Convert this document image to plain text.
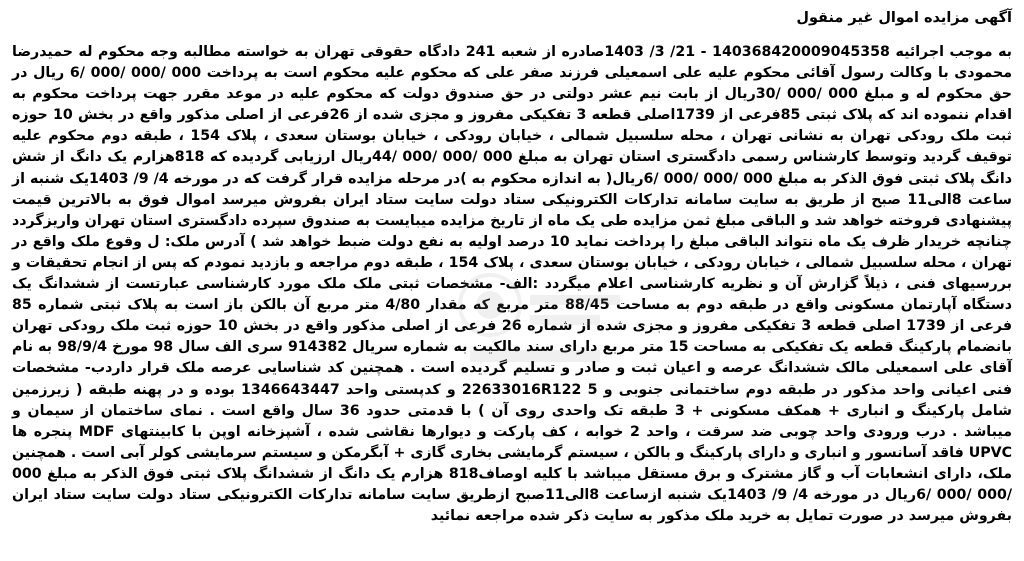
آگهی مزایده اموال غیر منقول

به موجب اجرائیه 140368420009045358 - 21/ 3/ 1403صادره از شعبه 241 دادگاه حقوقی تهران به خواسته مطالبه وجه محکوم له حمیدرضا محمودی با وکالت رسول آقائی محکوم علیه علی اسمعیلی فرزند صفر علی که محکوم علیه محکوم است به پرداخت 000 /000 /000 /6 ریال در حق محکوم له و مبلغ 000 /000 /30ریال از بابت نیم عشر دولتی در حق صندوق دولت که محکوم علیه در موعد مقرر جهت پرداخت محکوم به اقدام ننموده اند که پلاک ثبتی 85فرعی از 1739اصلی قطعه 3 تفکیکی مفروز و مجزی شده از 26فرعی از اصلی مذکور واقع در بخش 10 حوزه ثبت ملک رودکی تهران به نشانی تهران ، محله سلسبیل شمالی ، خیابان رودکی ، خیابان بوستان سعدی ، پلاک 154 ، طبقه دوم محکوم علیه توقیف گردید وتوسط کارشناس رسمی دادگستری استان تهران به مبلغ 000 /000 /000 /44ریال ارزیابی گردیده که 818هزارم یک دانگ از شش دانگ پلاک ثبتی فوق الذکر به مبلغ 000 /000 /000 /6ریال( به اندازه محکوم به )در مرحله مزایده قرار گرفت که در مورخه 4/ 9/ 1403یک شنبه از ساعت 8الی11 صبح از طریق به سایت سامانه تدارکات الکترونیکی ستاد دولت سایت ستاد ایران بفروش میرسد اموال فوق به بالاترین قیمت پیشنهادی فروخته خواهد شد و الباقی مبلغ ثمن مزایده طی یک ماه از تاریخ مزایده میبایست به صندوق سپرده دادگستری استان تهران واریزگردد چنانچه خریدار ظرف یک ماه نتواند الباقی مبلغ را پرداخت نماید 10 درصد اولیه به نفع دولت ضبط خواهد شد ) آدرس ملک: ل وقوع ملک واقع در تهران ، محله سلسبیل شمالی ، خیابان رودکی ، خیابان بوستان سعدی ، پلاک 154 ، طبقه دوم مراجعه و بازدید نمودم که پس از انجام تحقیقات و بررسیهای فنی ، ذیلاً گزارش آن و نظریه کارشناسی اعلام میگردد :الف- مشخصات ثبتی ملک ملک مورد کارشناسی عبارتست از ششدانگ یک دستگاه آپارتمان مسکونی واقع در طبقه دوم به مساحت 88/45 متر مربع که مقدار 4/80 متر مربع آن بالکن باز است به پلاک ثبتی شماره 85 فرعی از 1739 اصلی قطعه 3 تفکیکی مفروز و مجزی شده از شماره 26 فرعی از اصلی مذکور واقع در بخش 10 حوزه ثبت ملک رودکی تهران بانضمام پارکینگ قطعه یک تفکیکی به مساحت 15 متر مربع دارای سند مالکیت به شماره سریال 914382 سری الف سال 98 مورخ 98/9/4 به نام آقای علی اسمعیلی مالک ششدانگ عرصه و اعیان ثبت و صادر و تسلیم گردیده است . همچنین کد شناسایی عرصه ملک قرار داردب- مشخصات فنی اعیانی واحد مذکور در طبقه دوم ساختمانی جنوبی و 5 22633016R122 و کدپستی واحد 1346643447 بوده و در پهنه طبقه ( زیرزمین شامل پارکینگ و انباری + همکف مسکونی + 3 طبقه تک واحدی روی آن ) با قدمتی حدود 36 سال واقع است . نمای ساختمان از سیمان و میباشد . درب ورودی واحد چوبی ضد سرقت ، واحد 2 خوابه ، کف پارکت و دیوارها نقاشی شده ، آشپزخانه اوپن با کابینتهای MDF پنجره ها UPVC فاقد آسانسور و انباری و دارای پارکینگ و بالکن ، سیستم گرمایشی بخاری گازی + آبگرمکن و سیستم سرمایشی کولر آبی است . همچنین ملک، دارای انشعابات آب و گاز مشترک و برق مستقل میباشد با کلیه اوصاف818 هزارم یک دانگ از ششدانگ پلاک ثبتی فوق الذکر به مبلغ 000 /000 /000 /6ریال در مورخه 4/ 9/ 1403یک شنبه ازساعت 8الی11صبح ازطریق سایت سامانه تدارکات الکترونیکی ستاد دولت سایت ستاد ایران بفروش میرسد در صورت تمایل به خرید ملک مذکور به سایت ذکر شده مراجعه نمائید
